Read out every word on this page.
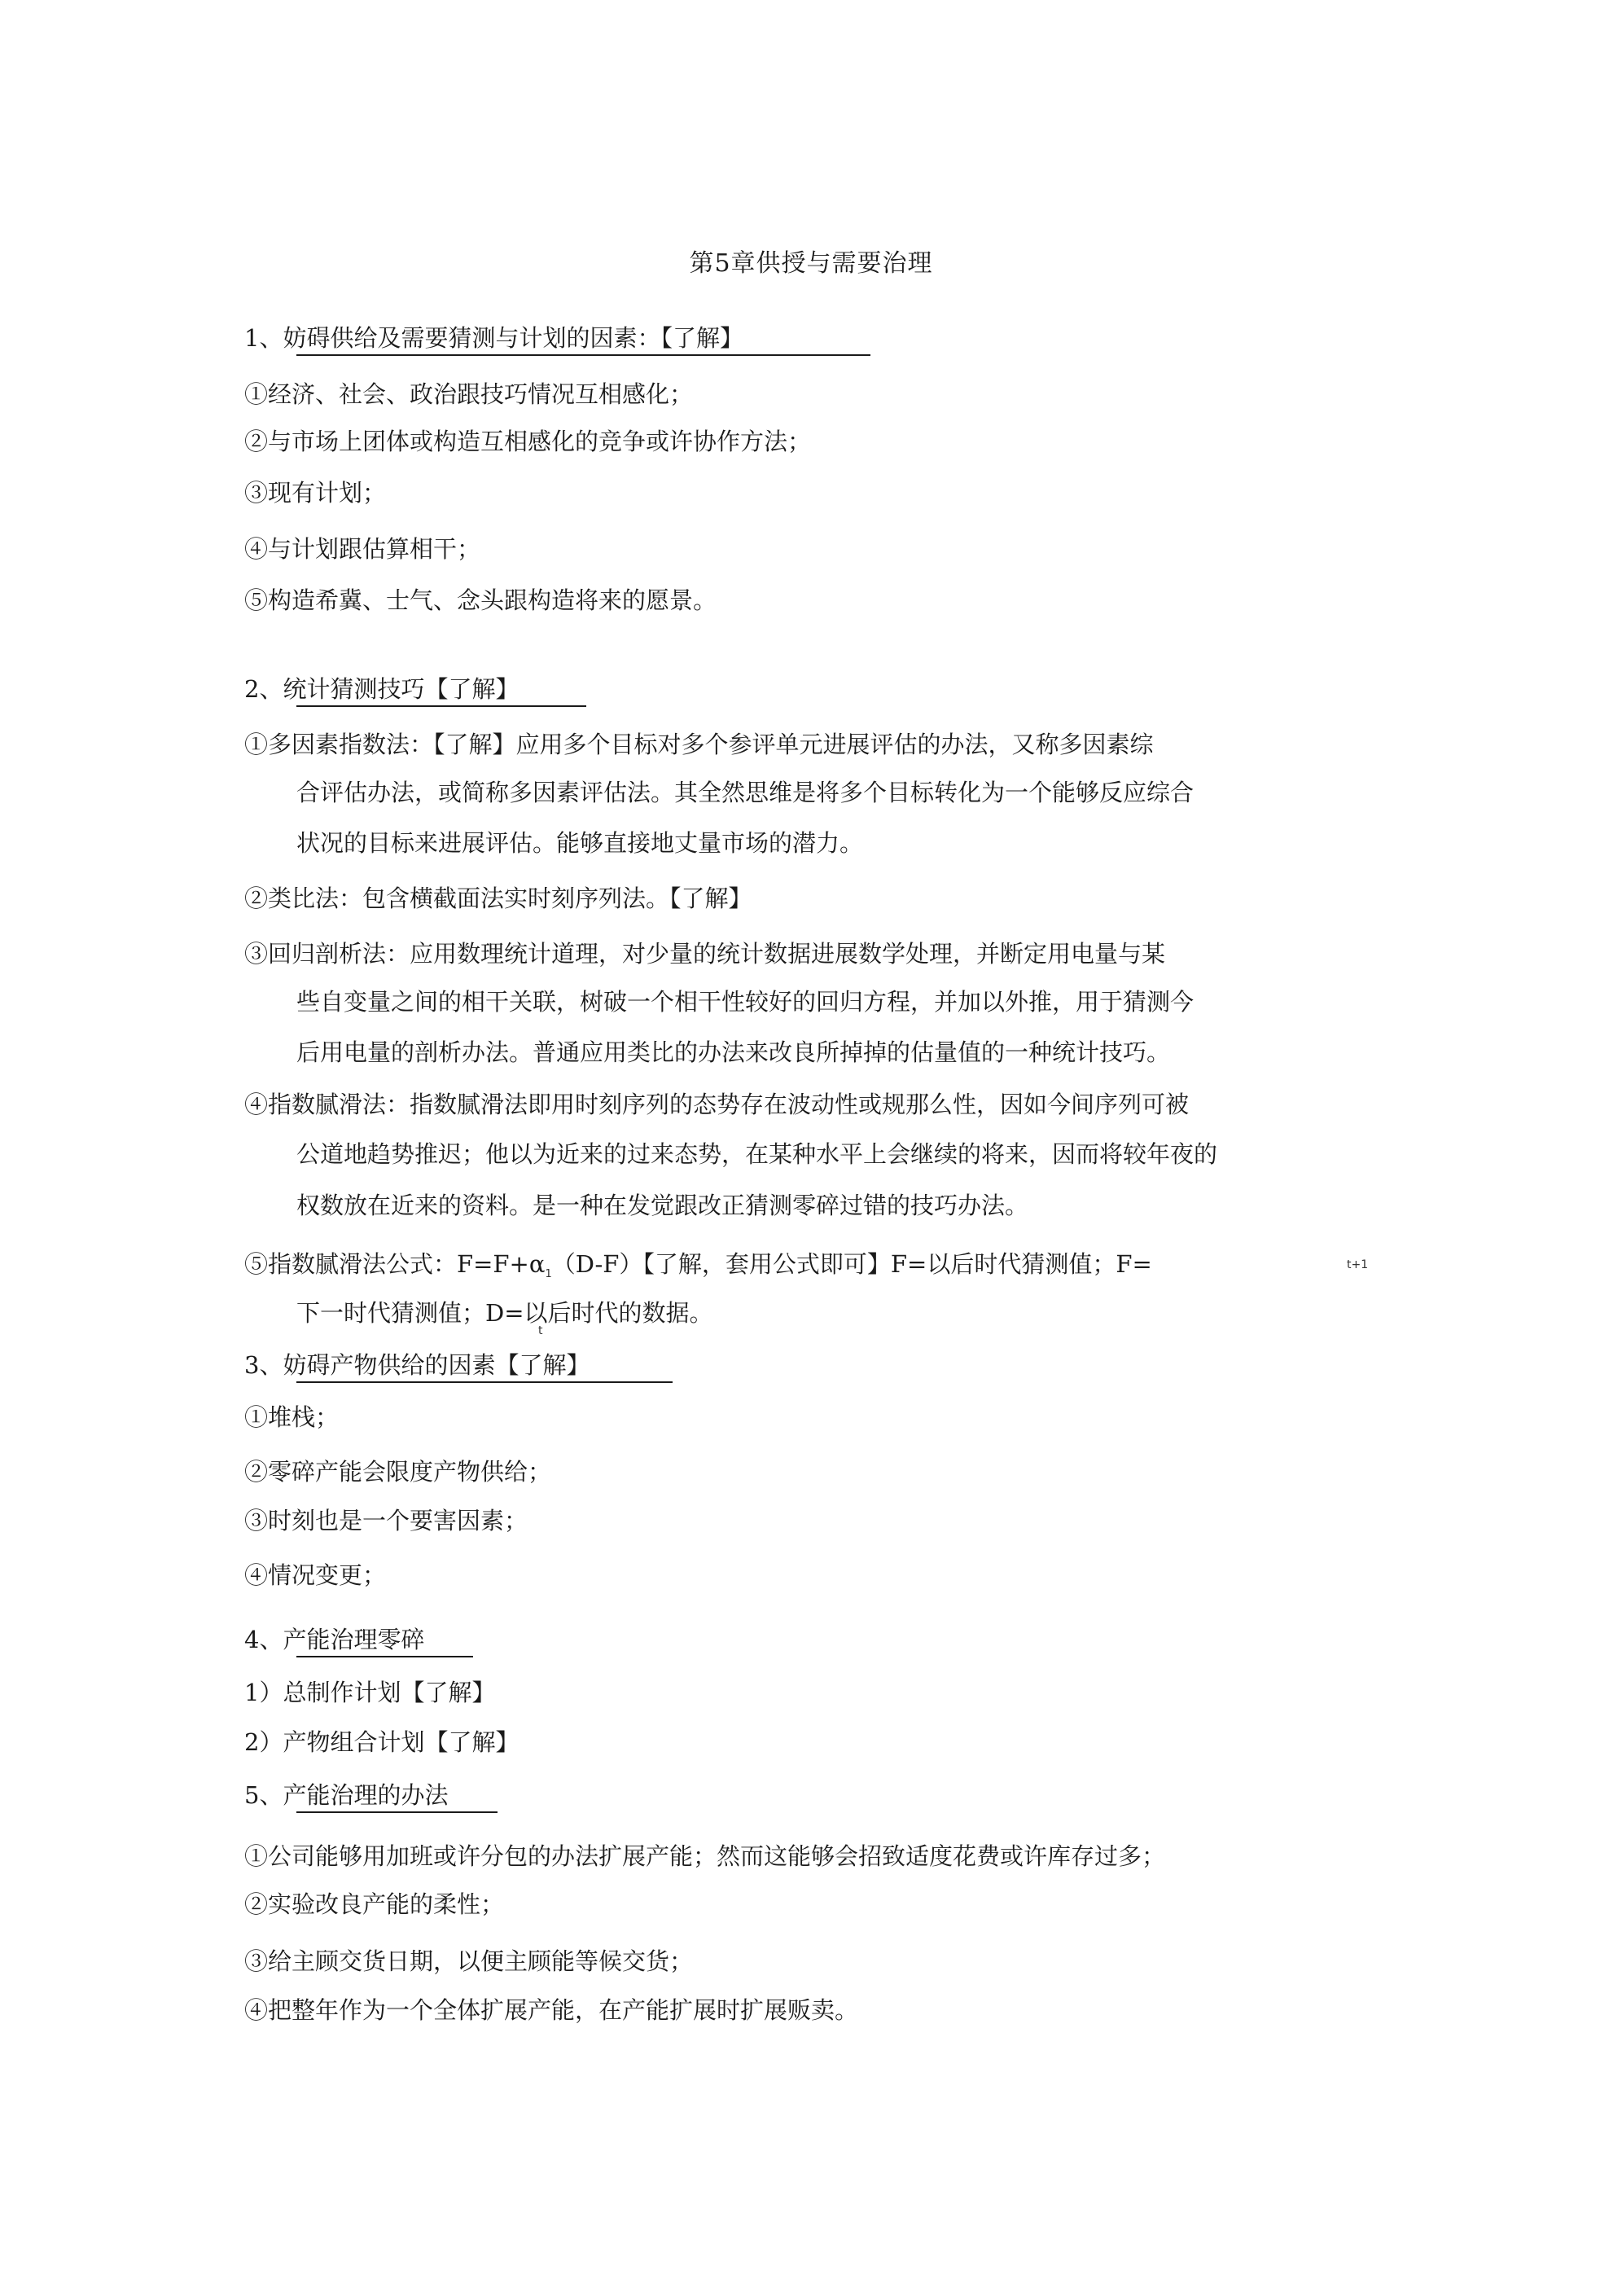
第5章供授与需要治理
1、妨碍供给及需要猜测与计划的因素：【了解】
①经济、社会、政治跟技巧情况互相感化；
②与市场上团体或构造互相感化的竞争或许协作方法；
③现有计划；
④与计划跟估算相干；
⑤构造希冀、士气、念头跟构造将来的愿景。
2、统计猜测技巧【了解】
①多因素指数法：【了解】应用多个目标对多个参评单元进展评估的办法，又称多因素综
合评估办法，或简称多因素评估法。其全然思维是将多个目标转化为一个能够反应综合
状况的目标来进展评估。能够直接地丈量市场的潜力。
②类比法：包含横截面法实时刻序列法。【了解】
③回归剖析法：应用数理统计道理，对少量的统计数据进展数学处理，并断定用电量与某
些自变量之间的相干关联，树破一个相干性较好的回归方程，并加以外推，用于猜测今
后用电量的剖析办法。普通应用类比的办法来改良所掉掉的估量值的一种统计技巧。
④指数腻滑法：指数腻滑法即用时刻序列的态势存在波动性或规那么性，因如今间序列可被
公道地趋势推迟；他以为近来的过来态势，在某种水平上会继续的将来，因而将较年夜的
权数放在近来的资料。是一种在发觉跟改正猜测零碎过错的技巧办法。
⑤指数腻滑法公式：$F=F+\alpha_1(D-F)$【了解，套用公式即可】F=以后时代猜测值；F=	t+1
下一时代猜测值；D=以后时代的数据。
t
3、妨碍产物供给的因素【了解】
①堆栈；
②零碎产能会限度产物供给；
③时刻也是一个要害因素；
④情况变更；
4、产能治理零碎
1）总制作计划【了解】
2）产物组合计划【了解】
5、产能治理的办法
①公司能够用加班或许分包的办法扩展产能；然而这能够会招致适度花费或许库存过多；
②实验改良产能的柔性；
③给主顾交货日期，以便主顾能等候交货；
④把整年作为一个全体扩展产能，在产能扩展时扩展贩卖。
